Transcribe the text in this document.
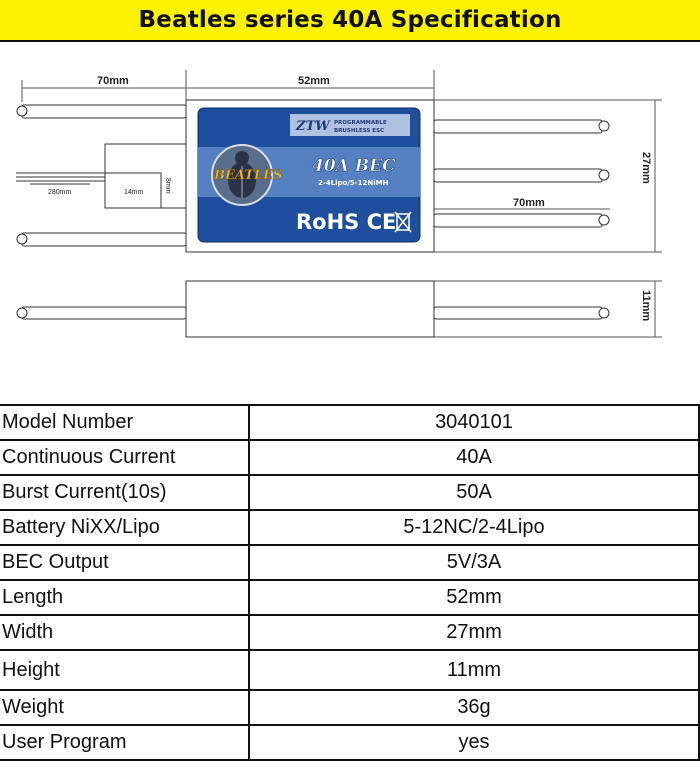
Beatles series 40A Specification
70mm	52mm
70mm
27mm
11mm
280mm	14mm	8mm
ZTW PROGRAMMABLE
BRUSHLESS ESC
BEATLES 40A BEC
2-4Lipo/5-12NiMH
RoHS CE
Model Number	3040101
Continuous Current	40A
Burst Current(10s)	50A
Battery NiXX/Lipo	5-12NC/2-4Lipo
BEC Output	5V/3A
Length	52mm
Width	27mm
Height	11mm
Weight	36g
User Program	yes
